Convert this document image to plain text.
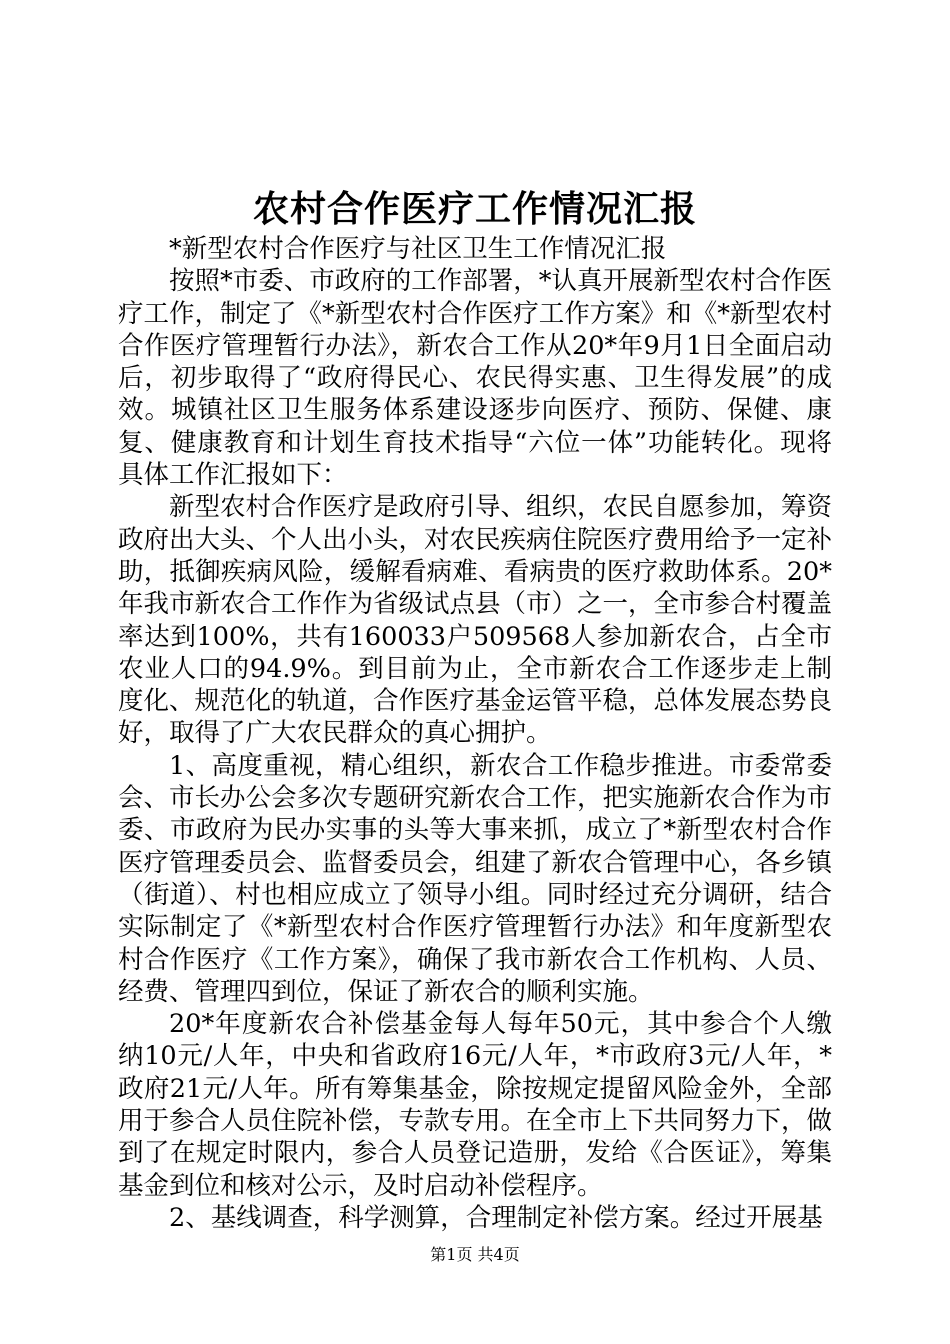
农村合作医疗工作情况汇报

*新型农村合作医疗与社区卫生工作情况汇报

按照*市委、市政府的工作部署，*认真开展新型农村合作医疗工作，制定了《*新型农村合作医疗工作方案》和《*新型农村合作医疗管理暂行办法》，新农合工作从20*年9月1日全面启动后，初步取得了“政府得民心、农民得实惠、卫生得发展”的成效。城镇社区卫生服务体系建设逐步向医疗、预防、保健、康复、健康教育和计划生育技术指导“六位一体”功能转化。现将具体工作汇报如下：

新型农村合作医疗是政府引导、组织，农民自愿参加，筹资政府出大头、个人出小头，对农民疾病住院医疗费用给予一定补助，抵御疾病风险，缓解看病难、看病贵的医疗救助体系。20*年我市新农合工作作为省级试点县（市）之一，全市参合村覆盖率达到100%，共有160033户509568人参加新农合，占全市农业人口的94.9%。到目前为止，全市新农合工作逐步走上制度化、规范化的轨道，合作医疗基金运管平稳，总体发展态势良好，取得了广大农民群众的真心拥护。

1、高度重视，精心组织，新农合工作稳步推进。市委常委会、市长办公会多次专题研究新农合工作，把实施新农合作为市委、市政府为民办实事的头等大事来抓，成立了*新型农村合作医疗管理委员会、监督委员会，组建了新农合管理中心，各乡镇（街道）、村也相应成立了领导小组。同时经过充分调研，结合实际制定了《*新型农村合作医疗管理暂行办法》和年度新型农村合作医疗《工作方案》，确保了我市新农合工作机构、人员、经费、管理四到位，保证了新农合的顺利实施。

20*年度新农合补偿基金每人每年50元，其中参合个人缴纳10元/人年，中央和省政府16元/人年，*市政府3元/人年，*政府21元/人年。所有筹集基金，除按规定提留风险金外，全部用于参合人员住院补偿，专款专用。在全市上下共同努力下，做到了在规定时限内，参合人员登记造册，发给《合医证》，筹集基金到位和核对公示，及时启动补偿程序。

2、基线调查，科学测算，合理制定补偿方案。经过开展基

第1页 共4页
